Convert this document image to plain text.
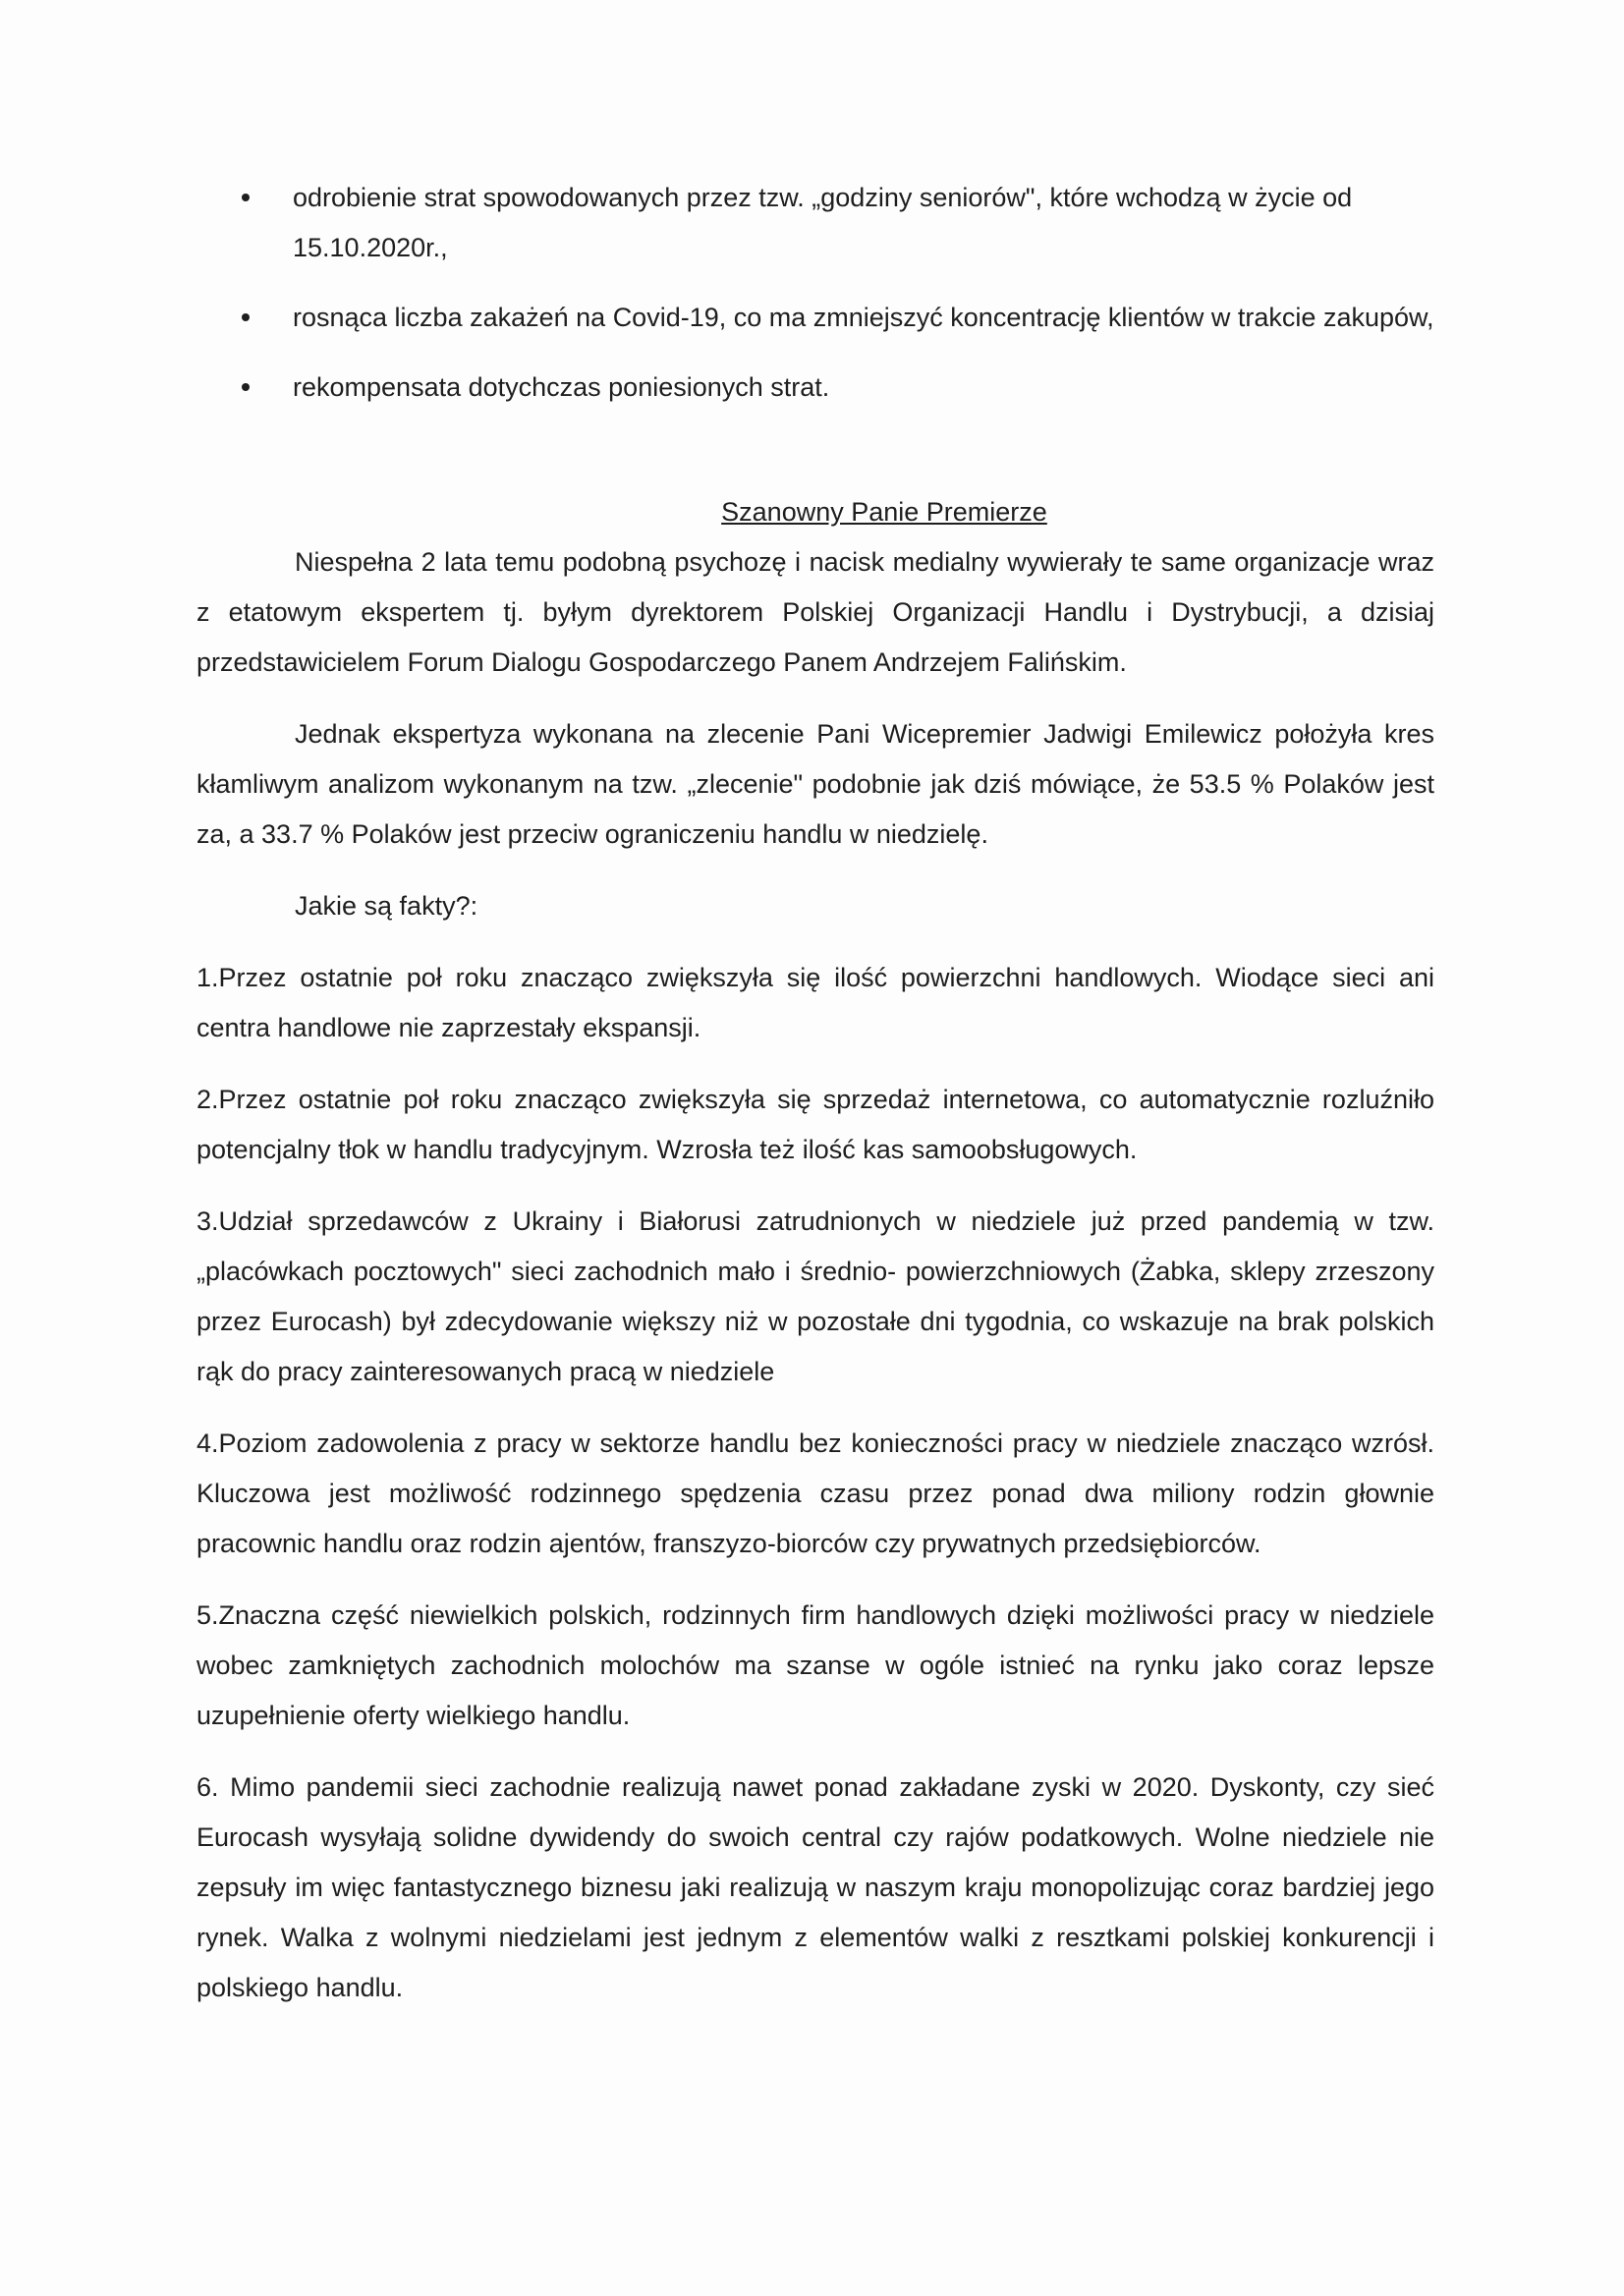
odrobienie strat spowodowanych przez tzw. „godziny seniorów", które wchodzą w życie od 15.10.2020r.,
rosnąca liczba zakażeń na Covid-19, co ma zmniejszyć koncentrację klientów w trakcie zakupów,
rekompensata dotychczas poniesionych strat.

Szanowny Panie Premierze

Niespełna 2 lata temu podobną psychozę i nacisk medialny wywierały te same organizacje wraz z etatowym ekspertem tj. byłym dyrektorem Polskiej Organizacji Handlu i Dystrybucji, a dzisiaj przedstawicielem Forum Dialogu Gospodarczego Panem Andrzejem Falińskim.

Jednak ekspertyza wykonana na zlecenie Pani Wicepremier Jadwigi Emilewicz położyła kres kłamliwym analizom wykonanym na tzw. „zlecenie" podobnie jak dziś mówiące, że 53.5 % Polaków jest za, a 33.7 % Polaków jest przeciw ograniczeniu handlu w niedzielę.

Jakie są fakty?:

1.Przez ostatnie poł roku znacząco zwiększyła się ilość powierzchni handlowych. Wiodące sieci ani centra handlowe nie zaprzestały ekspansji.

2.Przez ostatnie poł roku znacząco zwiększyła się sprzedaż internetowa, co automatycznie rozluźniło potencjalny tłok w handlu tradycyjnym. Wzrosła też ilość kas samoobsługowych.

3.Udział sprzedawców z Ukrainy i Białorusi zatrudnionych w niedziele już przed pandemią w tzw. „placówkach pocztowych" sieci zachodnich mało i średnio- powierzchniowych (Żabka, sklepy zrzeszony przez Eurocash) był zdecydowanie większy niż w pozostałe dni tygodnia, co wskazuje na brak polskich rąk do pracy zainteresowanych pracą w niedziele

4.Poziom zadowolenia z pracy w sektorze handlu bez konieczności pracy w niedziele znacząco wzrósł. Kluczowa jest możliwość rodzinnego spędzenia czasu przez ponad dwa miliony rodzin głownie pracownic handlu oraz rodzin ajentów, franszyzo-biorców czy prywatnych przedsiębiorców.

5.Znaczna część niewielkich polskich, rodzinnych firm handlowych dzięki możliwości pracy w niedziele wobec zamkniętych zachodnich molochów ma szanse w ogóle istnieć na rynku jako coraz lepsze uzupełnienie oferty wielkiego handlu.

6. Mimo pandemii sieci zachodnie realizują nawet ponad zakładane zyski w 2020. Dyskonty, czy sieć Eurocash wysyłają solidne dywidendy do swoich central czy rajów podatkowych. Wolne niedziele nie zepsuły im więc fantastycznego biznesu jaki realizują w naszym kraju monopolizując coraz bardziej jego rynek. Walka z wolnymi niedzielami jest jednym z elementów walki z resztkami polskiej konkurencji i polskiego handlu.
